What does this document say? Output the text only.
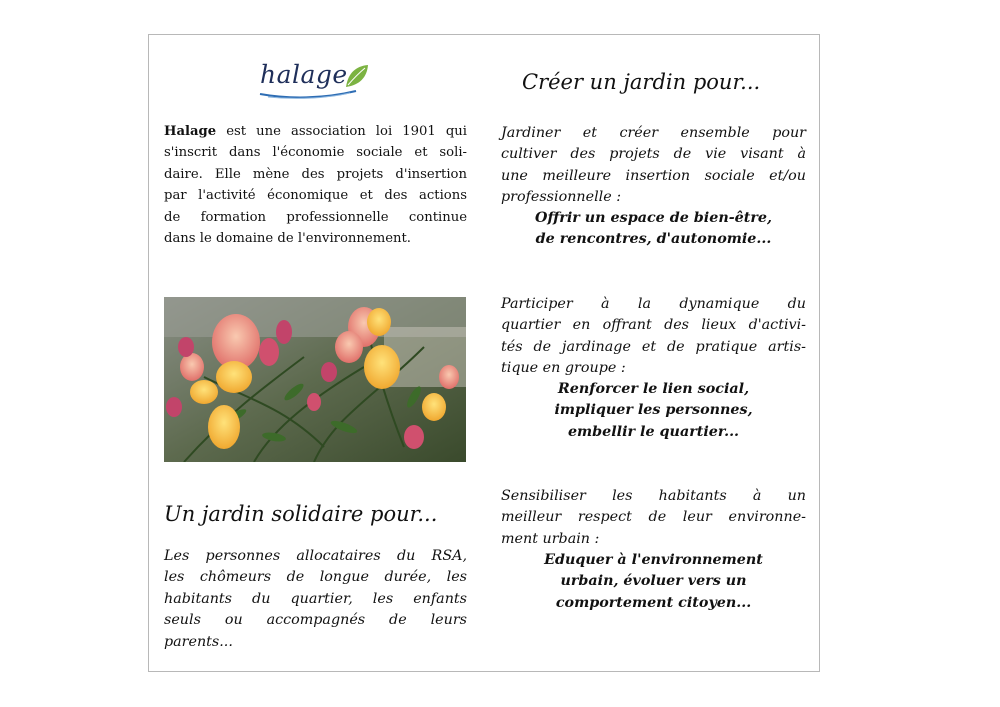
halage
Halage est une association loi 1901 qui
s'inscrit dans l'économie sociale et soli-
daire. Elle mène des projets d'insertion
par l'activité économique et des actions
de formation professionnelle continue
dans le domaine de l'environnement.
Un jardin solidaire pour...
Les personnes allocataires du RSA,
les chômeurs de longue durée, les
habitants du quartier, les enfants
seuls ou accompagnés de leurs
parents...
Créer un jardin pour...
Jardiner et créer ensemble pour
cultiver des projets de vie visant à
une meilleure insertion sociale et/ou
professionnelle :
Offrir un espace de bien-être,
de rencontres, d'autonomie...
Participer à la dynamique du
quartier en offrant des lieux d'activi-
tés de jardinage et de pratique artis-
tique en groupe :
Renforcer le lien social,
impliquer les personnes,
embellir le quartier...
Sensibiliser les habitants à un
meilleur respect de leur environne-
ment urbain :
Eduquer à l'environnement
urbain, évoluer vers un
comportement citoyen...
